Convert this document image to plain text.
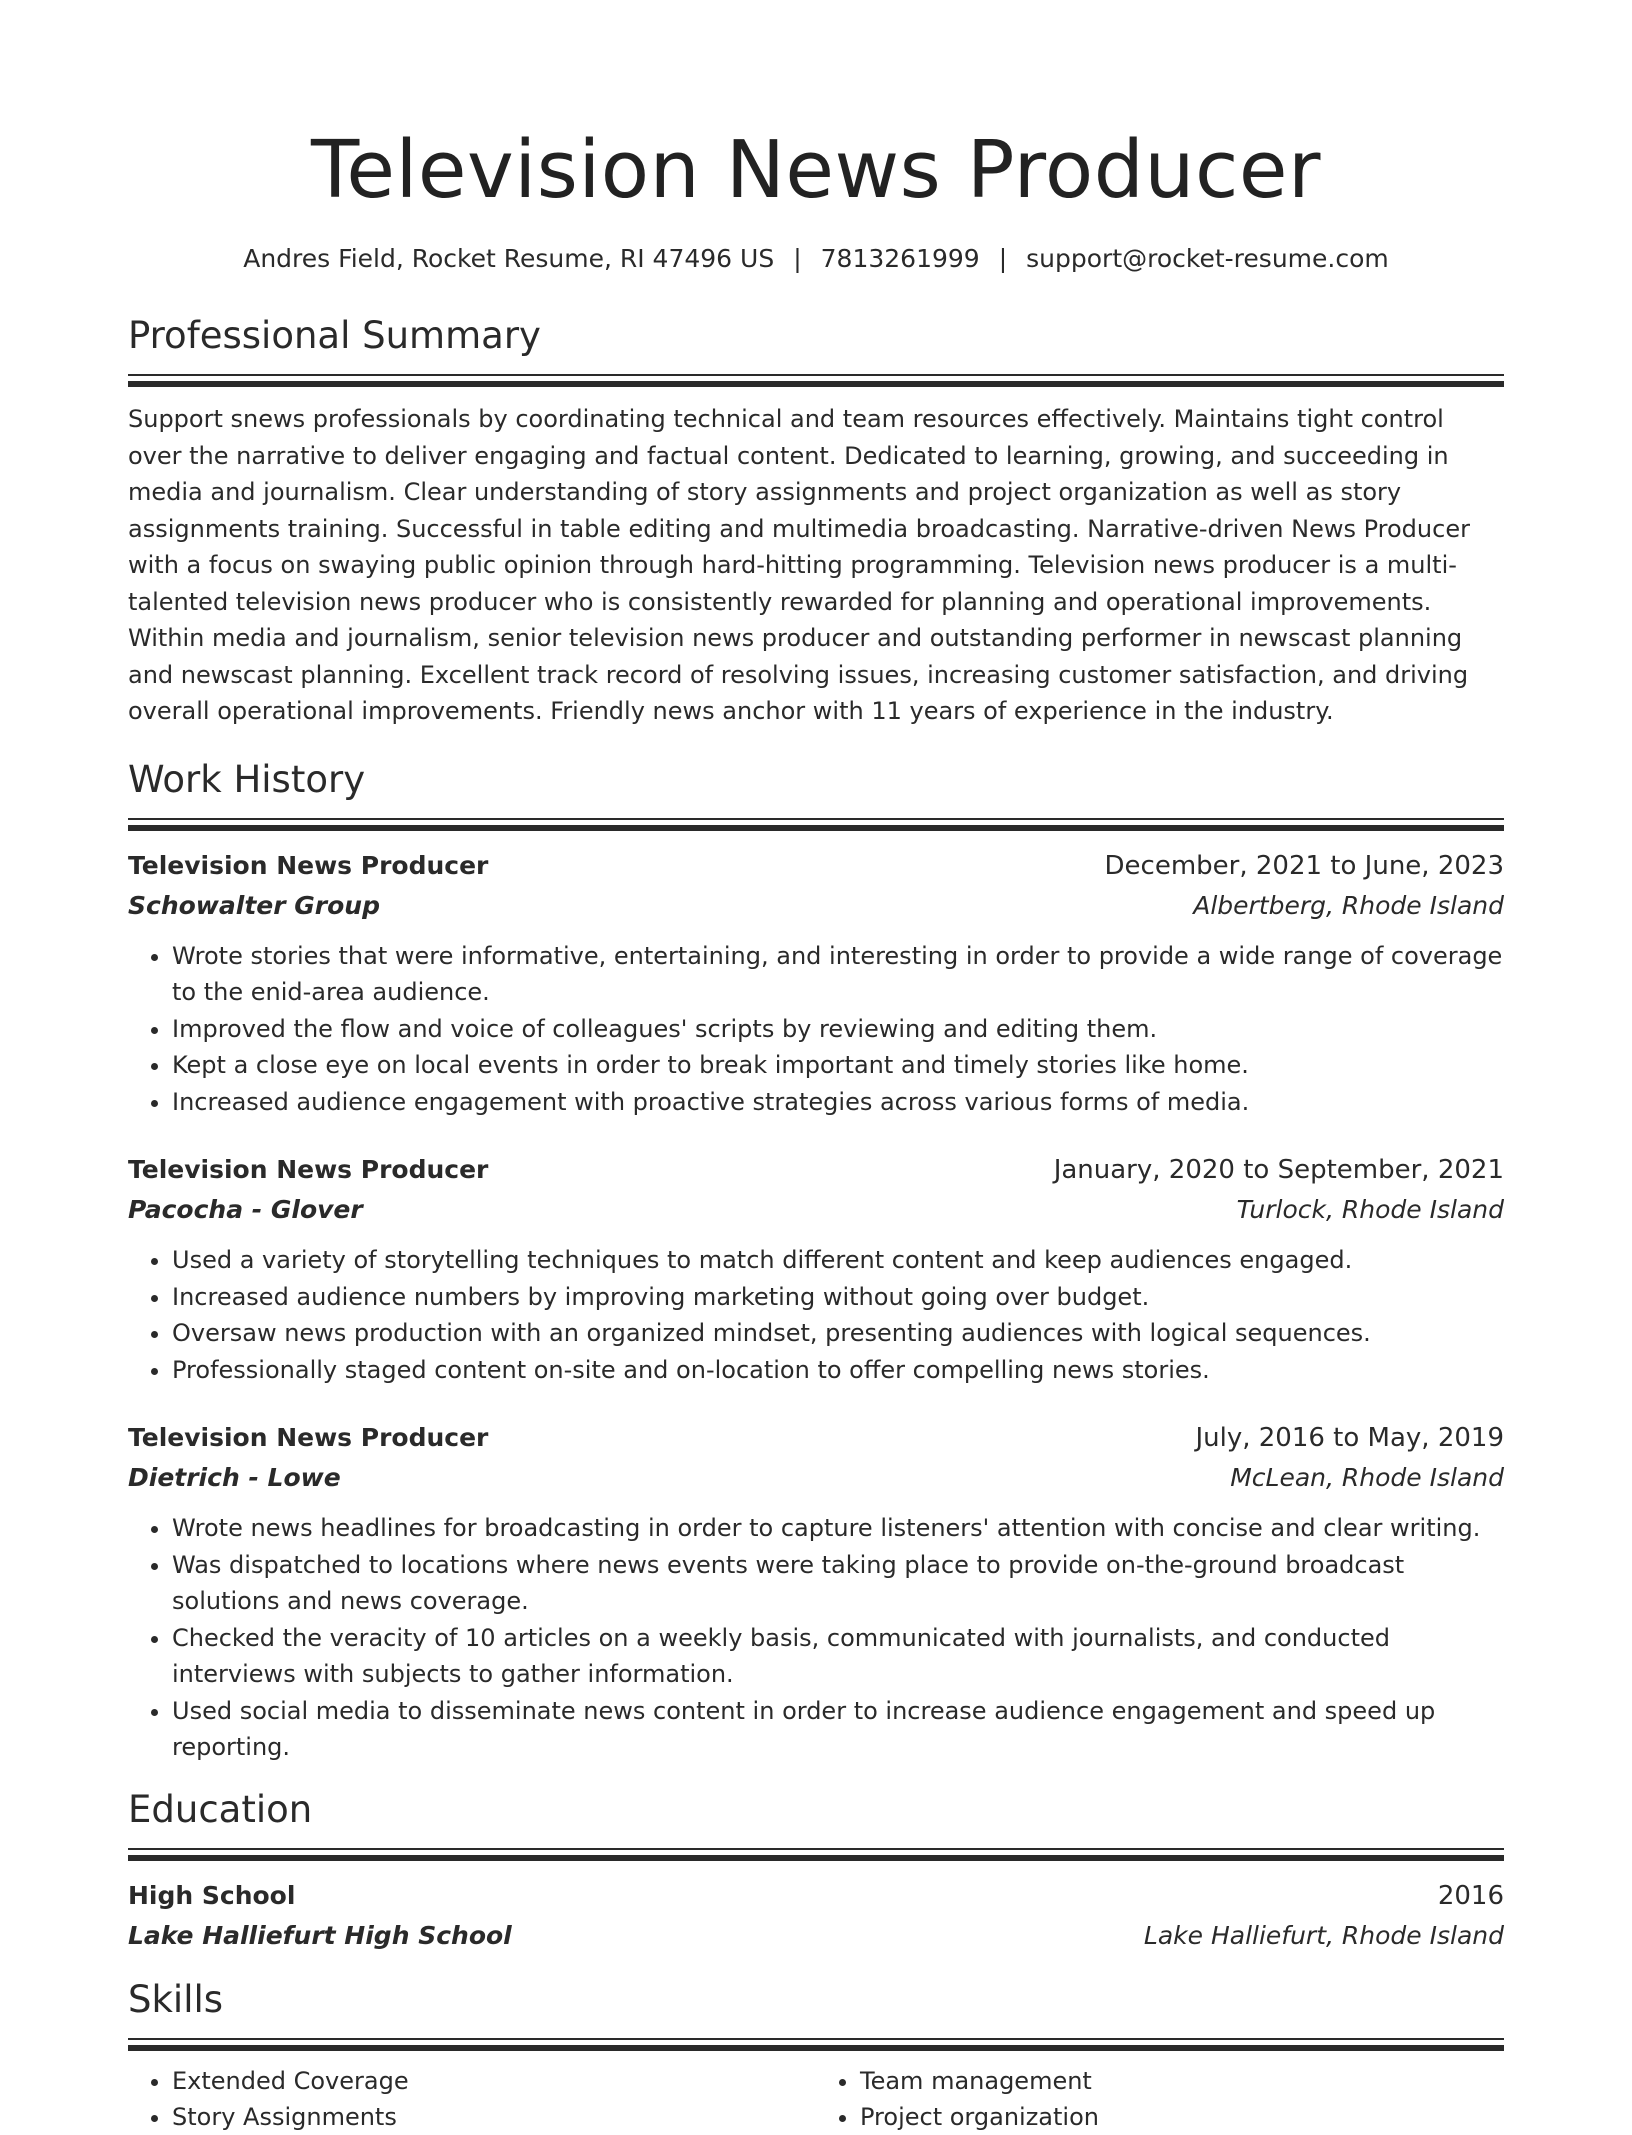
Television News Producer
Andres Field, Rocket Resume, RI 47496 US | 7813261999 | support@rocket-resume.com
Professional Summary
Support snews professionals by coordinating technical and team resources effectively. Maintains tight control over the narrative to deliver engaging and factual content. Dedicated to learning, growing, and succeeding in media and journalism. Clear understanding of story assignments and project organization as well as story assignments training. Successful in table editing and multimedia broadcasting. Narrative-driven News Producer with a focus on swaying public opinion through hard-hitting programming. Television news producer is a multi-talented television news producer who is consistently rewarded for planning and operational improvements. Within media and journalism, senior television news producer and outstanding performer in newscast planning and newscast planning. Excellent track record of resolving issues, increasing customer satisfaction, and driving overall operational improvements. Friendly news anchor with 11 years of experience in the industry.
Work History
Television News Producer	December, 2021 to June, 2023
Schowalter Group	Albertberg, Rhode Island
• Wrote stories that were informative, entertaining, and interesting in order to provide a wide range of coverage to the enid-area audience.
• Improved the flow and voice of colleagues' scripts by reviewing and editing them.
• Kept a close eye on local events in order to break important and timely stories like home.
• Increased audience engagement with proactive strategies across various forms of media.
Television News Producer	January, 2020 to September, 2021
Pacocha - Glover	Turlock, Rhode Island
• Used a variety of storytelling techniques to match different content and keep audiences engaged.
• Increased audience numbers by improving marketing without going over budget.
• Oversaw news production with an organized mindset, presenting audiences with logical sequences.
• Professionally staged content on-site and on-location to offer compelling news stories.
Television News Producer	July, 2016 to May, 2019
Dietrich - Lowe	McLean, Rhode Island
• Wrote news headlines for broadcasting in order to capture listeners' attention with concise and clear writing.
• Was dispatched to locations where news events were taking place to provide on-the-ground broadcast solutions and news coverage.
• Checked the veracity of 10 articles on a weekly basis, communicated with journalists, and conducted interviews with subjects to gather information.
• Used social media to disseminate news content in order to increase audience engagement and speed up reporting.
Education
High School	2016
Lake Halliefurt High School	Lake Halliefurt, Rhode Island
Skills
• Extended Coverage
• Story Assignments
• Team management
• Project organization
